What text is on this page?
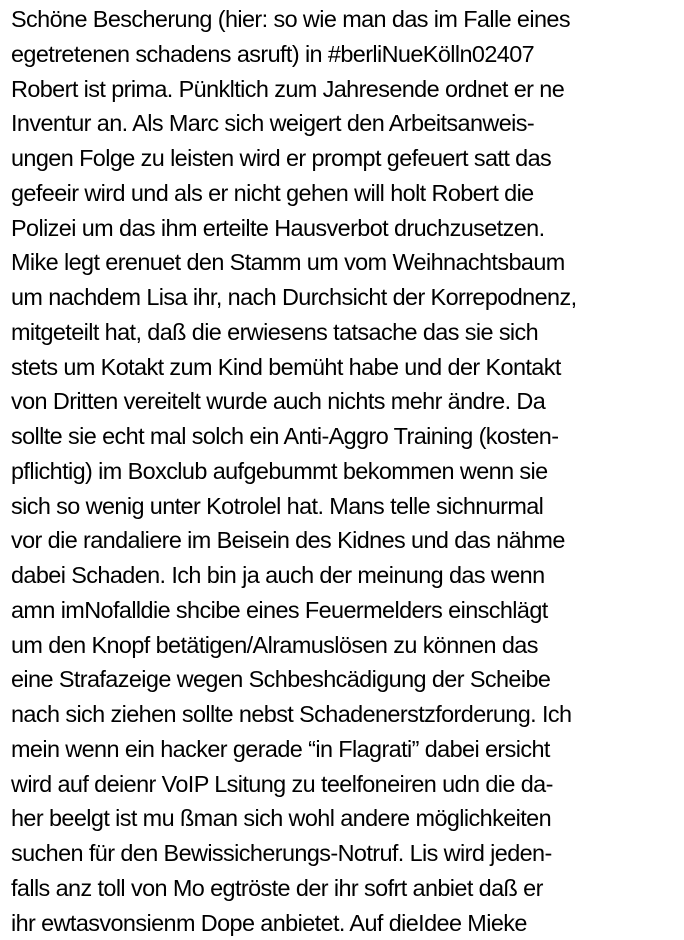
Schöne Bescherung (hier: so wie man das im Falle eines
egetretenen schadens asruft) in #berliNueKölln02407
Robert ist prima. Pünkltich zum Jahresende ordnet er ne
Inventur an. Als Marc sich weigert den Arbeitsanweis-
ungen Folge zu leisten wird er prompt gefeuert satt das
gefeeir wird und als er nicht gehen will holt Robert die
Polizei um das ihm erteilte Hausverbot druchzusetzen.
Mike legt erenuet den Stamm um vom Weihnachtsbaum
um nachdem Lisa ihr, nach Durchsicht der Korrepodnenz,
mitgeteilt hat, daß die erwiesens tatsache das sie sich
stets um Kotakt zum Kind bemüht habe und der Kontakt
von Dritten vereitelt wurde auch nichts mehr ändre. Da
sollte sie echt mal solch ein Anti-Aggro Training (kosten-
pflichtig) im Boxclub aufgebummt bekommen wenn sie
sich so wenig unter Kotrolel hat. Mans telle sichnurmal
vor die randaliere im Beisein des Kidnes und das nähme
dabei Schaden. Ich bin ja auch der meinung das wenn
amn imNofalldie shcibe eines Feuermelders einschlägt
um den Knopf betätigen/Alramuslösen zu können das
eine Strafazeige wegen Schbeshcädigung der Scheibe
nach sich ziehen sollte nebst Schadenerstzforderung. Ich
mein wenn ein hacker gerade “in Flagrati” dabei ersicht
wird auf deienr VoIP Lsitung zu teelfoneiren udn die da-
her beelgt ist mu ßman sich wohl andere möglichkeiten
suchen für den Bewissicherungs-Notruf. Lis wird jeden-
falls anz toll von Mo egtröste der ihr sofrt anbiet daß er
ihr ewtasvonsienm Dope anbietet. Auf dieIdee Mieke
